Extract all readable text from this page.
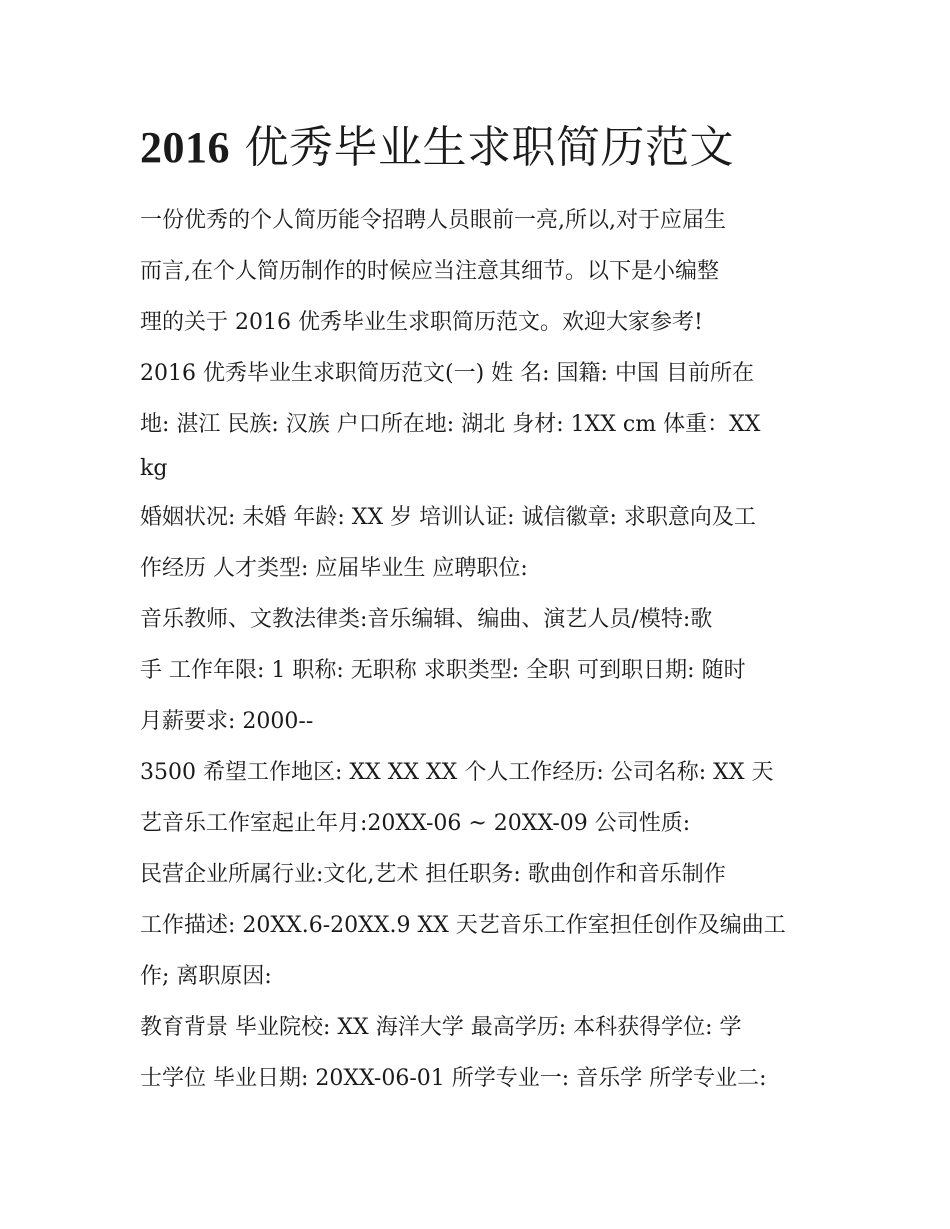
2016 优秀毕业生求职简历范文

一份优秀的个人简历能令招聘人员眼前一亮,所以,对于应届生

而言,在个人简历制作的时候应当注意其细节。以下是小编整

理的关于 2016 优秀毕业生求职简历范文。欢迎大家参考!

2016 优秀毕业生求职简历范文(一) 姓 名: 国籍: 中国 目前所在

地: 湛江 民族: 汉族 户口所在地: 湖北 身材: 1XX cm 体重：XX

kg

婚姻状况: 未婚 年龄: XX 岁 培训认证: 诚信徽章: 求职意向及工

作经历 人才类型: 应届毕业生 应聘职位:

音乐教师、文教法律类:音乐编辑、编曲、演艺人员/模特:歌

手 工作年限: 1 职称: 无职称 求职类型: 全职 可到职日期: 随时

月薪要求: 2000--

3500 希望工作地区: XX XX XX 个人工作经历: 公司名称: XX 天

艺音乐工作室起止年月:20XX-06 ~ 20XX-09 公司性质:

民营企业所属行业:文化,艺术 担任职务: 歌曲创作和音乐制作

工作描述: 20XX.6-20XX.9 XX 天艺音乐工作室担任创作及编曲工

作; 离职原因:

教育背景 毕业院校: XX 海洋大学 最高学历: 本科获得学位: 学

士学位 毕业日期: 20XX-06-01 所学专业一: 音乐学 所学专业二:
